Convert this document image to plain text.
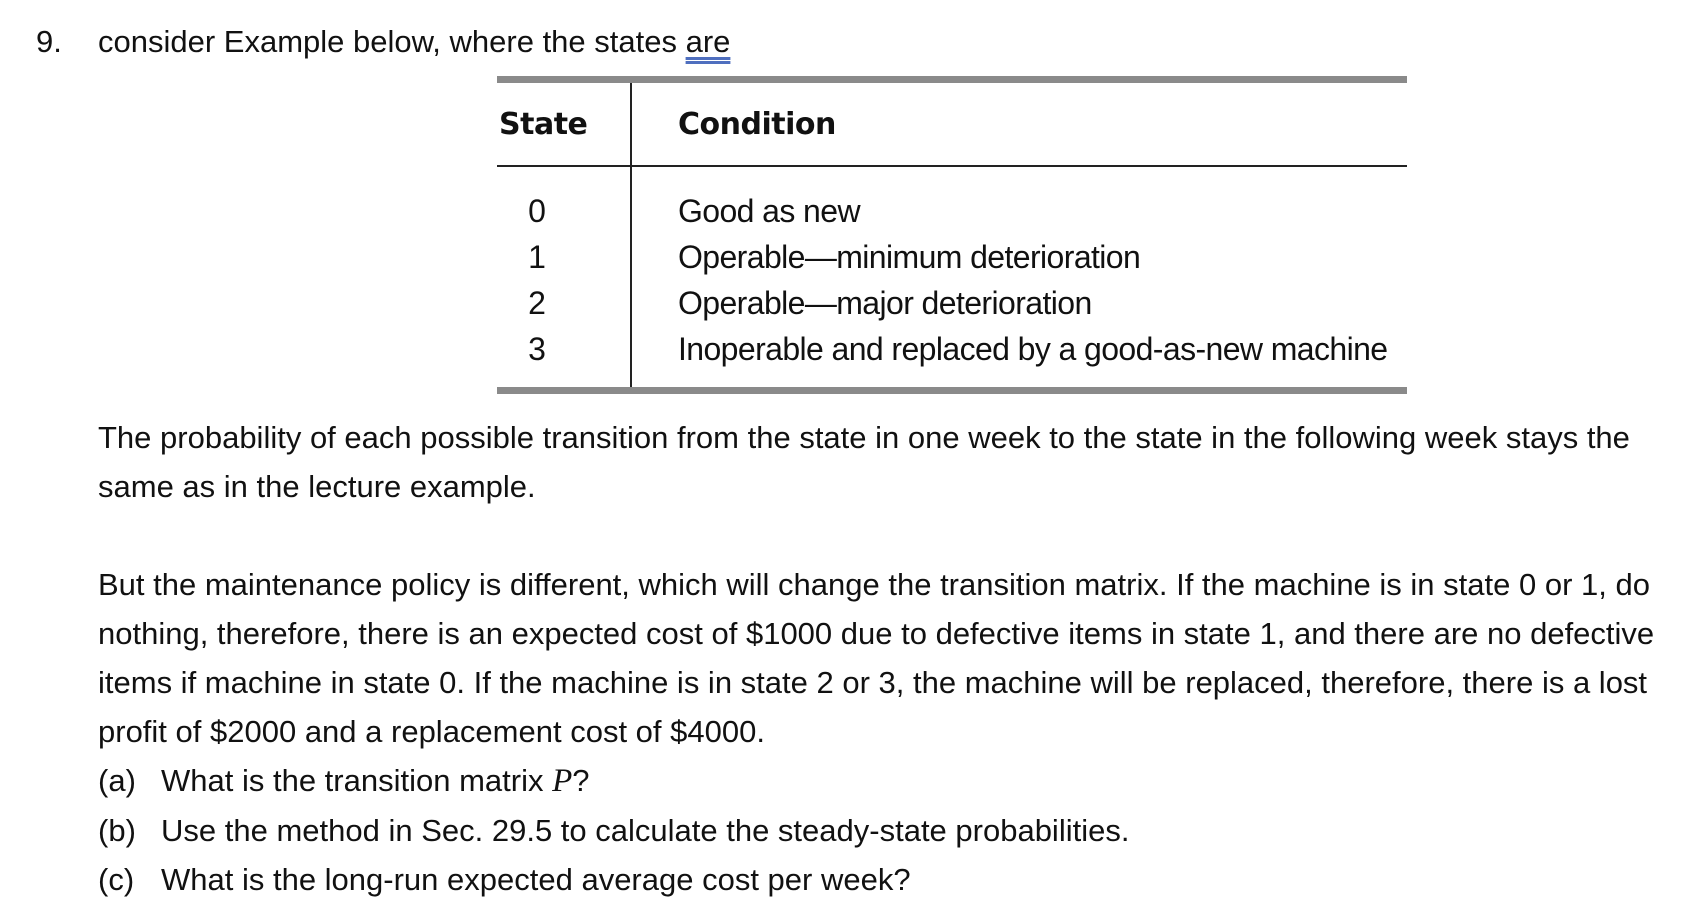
9. consider Example below, where the states are
State	Condition
0
1
2
3
Good as new
Operable—minimum deterioration
Operable—major deterioration
Inoperable and replaced by a good-as-new machine
The probability of each possible transition from the state in one week to the state in the following week stays the same as in the lecture example.
But the maintenance policy is different, which will change the transition matrix. If the machine is in state 0 or 1, do nothing, therefore, there is an expected cost of $1000 due to defective items in state 1, and there are no defective items if machine in state 0. If the machine is in state 2 or 3, the machine will be replaced, therefore, there is a lost profit of $2000 and a replacement cost of $4000.
(a) What is the transition matrix P?
(b) Use the method in Sec. 29.5 to calculate the steady-state probabilities.
(c) What is the long-run expected average cost per week?
